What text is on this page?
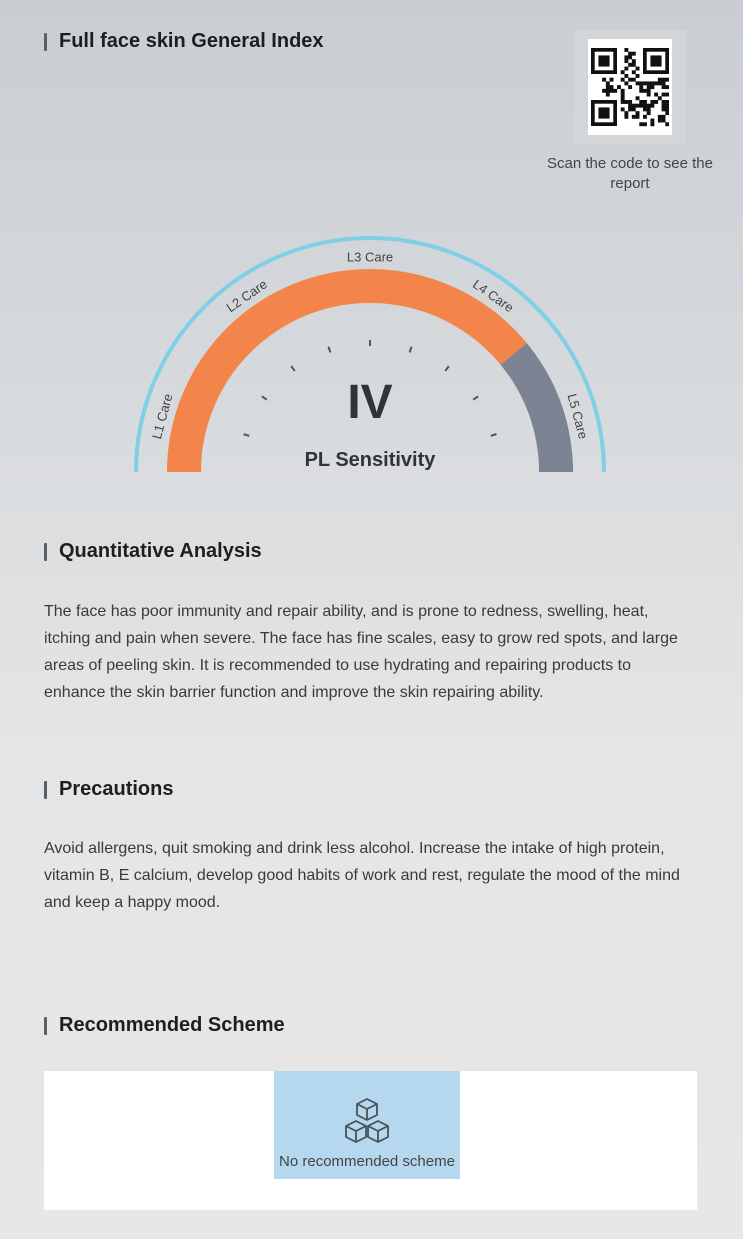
Full face skin General Index
Scan the code to see the report
L1 Care
L2 Care
L3 Care
L4 Care
L5 Care
IV
PL Sensitivity
Quantitative Analysis
The face has poor immunity and repair ability, and is prone to redness, swelling, heat, itching and pain when severe. The face has fine scales, easy to grow red spots, and large areas of peeling skin. It is recommended to use hydrating and repairing products to enhance the skin barrier function and improve the skin repairing ability.
Precautions
Avoid allergens, quit smoking and drink less alcohol. Increase the intake of high protein, vitamin B, E calcium, develop good habits of work and rest, regulate the mood of the mind and keep a happy mood.
Recommended Scheme
No recommended scheme
